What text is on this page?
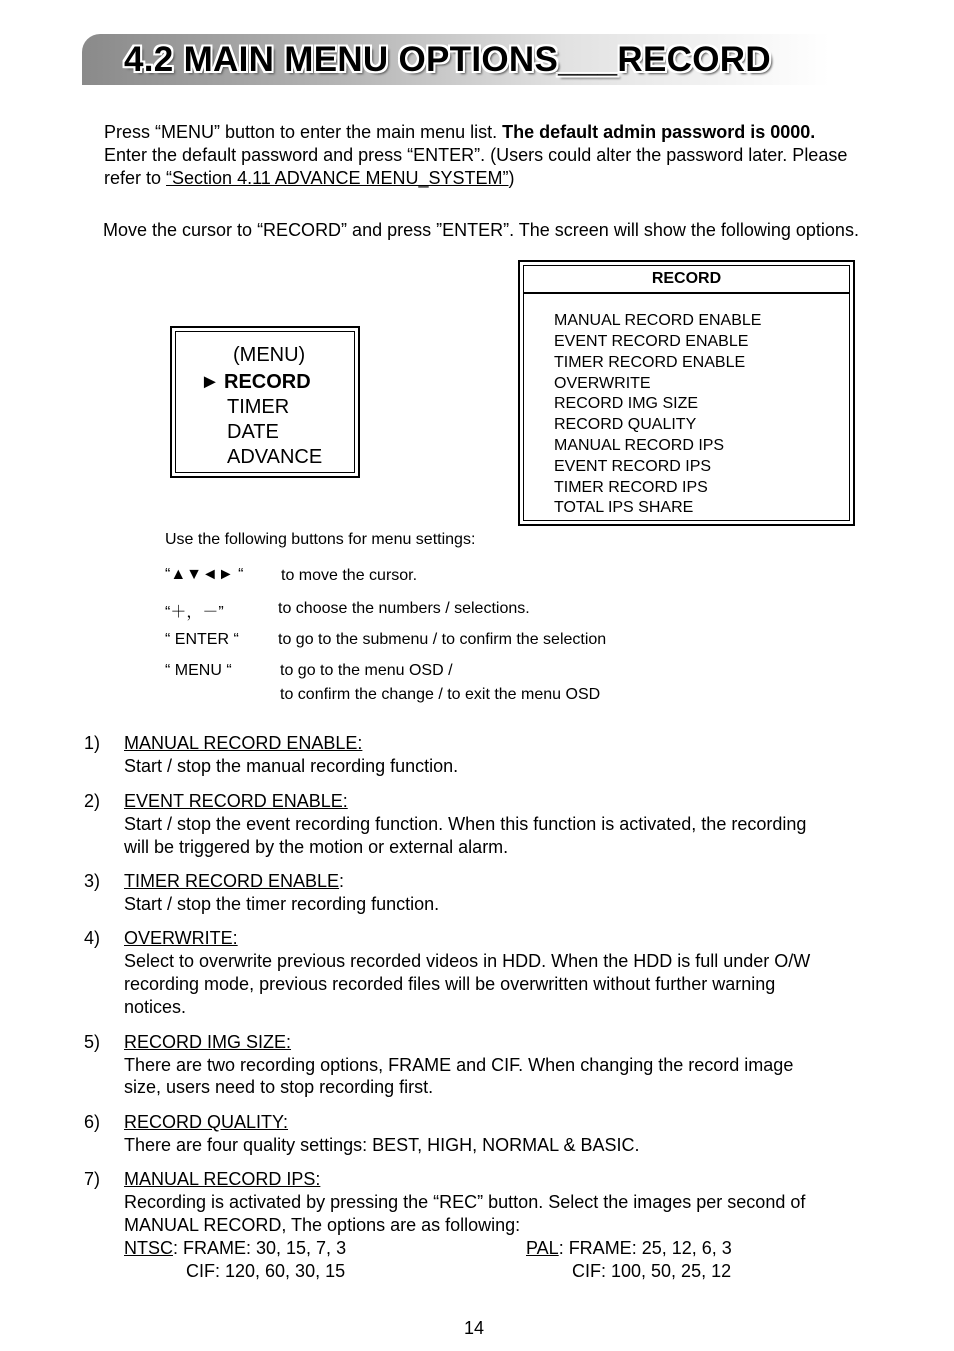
4.2 MAIN MENU OPTIONS___RECORD
Press “MENU” button to enter the main menu list. The default admin password is 0000.
Enter the default password and press “ENTER”. (Users could alter the password later. Please
refer to “Section 4.11 ADVANCE MENU_SYSTEM”)
Move the cursor to “RECORD” and press ”ENTER”. The screen will show the following options.
(MENU)
► RECORD
TIMER
DATE
ADVANCE
RECORD
MANUAL RECORD ENABLE
EVENT RECORD ENABLE
TIMER RECORD ENABLE
OVERWRITE
RECORD IMG SIZE
RECORD QUALITY
MANUAL RECORD IPS
EVENT RECORD IPS
TIMER RECORD IPS
TOTAL IPS SHARE
Use the following buttons for menu settings:
“▲▼◄► “ to move the cursor.
“＋，－”	to choose the numbers / selections.
“ ENTER “ to go to the submenu / to confirm the selection
“ MENU “	to go to the menu OSD /
to confirm the change / to exit the menu OSD
1) MANUAL RECORD ENABLE:
Start / stop the manual recording function.
2) EVENT RECORD ENABLE:
Start / stop the event recording function. When this function is activated, the recording
will be triggered by the motion or external alarm.
3) TIMER RECORD ENABLE:
Start / stop the timer recording function.
4) OVERWRITE:
Select to overwrite previous recorded videos in HDD. When the HDD is full under O/W
recording mode, previous recorded files will be overwritten without further warning
notices.
5) RECORD IMG SIZE:
There are two recording options, FRAME and CIF. When changing the record image
size, users need to stop recording first.
6) RECORD QUALITY:
There are four quality settings: BEST, HIGH, NORMAL & BASIC.
7) MANUAL RECORD IPS:
Recording is activated by pressing the “REC” button. Select the images per second of
MANUAL RECORD, The options are as following:
NTSC: FRAME: 30, 15, 7, 3
CIF: 120, 60, 30, 15
PAL: FRAME: 25, 12, 6, 3
CIF: 100, 50, 25, 12
14
